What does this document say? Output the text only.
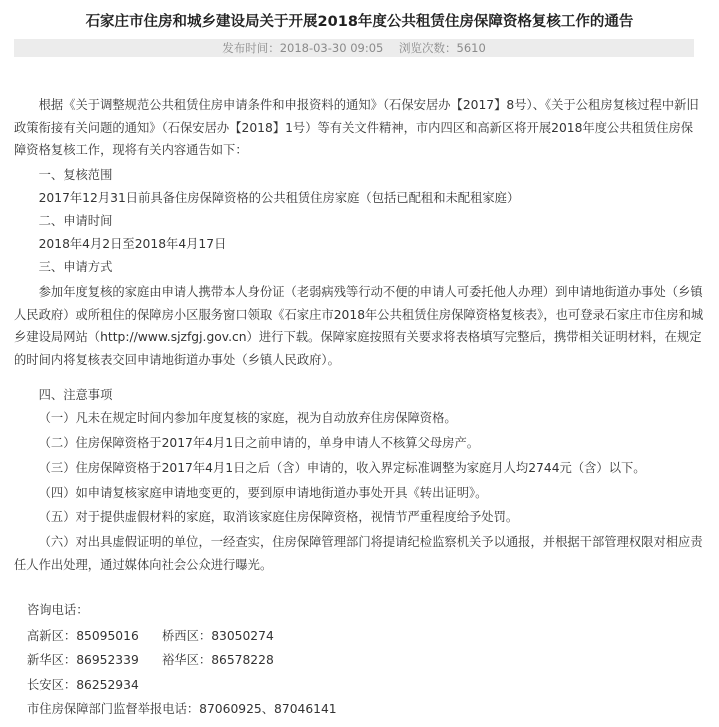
石家庄市住房和城乡建设局关于开展2018年度公共租赁住房保障资格复核工作的通告
发布时间：2018-03-30 09:05 浏览次数：5610
根据《关于调整规范公共租赁住房申请条件和申报资料的通知》（石保安居办【2017】8号）、《关于公租房复核过程中新旧政策衔接有关问题的通知》（石保安居办【2018】1号）等有关文件精神，市内四区和高新区将开展2018年度公共租赁住房保障资格复核工作，现将有关内容通告如下：
一、复核范围
2017年12月31日前具备住房保障资格的公共租赁住房家庭（包括已配租和未配租家庭）
二、申请时间
2018年4月2日至2018年4月17日
三、申请方式
参加年度复核的家庭由申请人携带本人身份证（老弱病残等行动不便的申请人可委托他人办理）到申请地街道办事处（乡镇人民政府）或所租住的保障房小区服务窗口领取《石家庄市2018年公共租赁住房保障资格复核表》，也可登录石家庄市住房和城乡建设局网站（http://www.sjzfgj.gov.cn）进行下载。保障家庭按照有关要求将表格填写完整后，携带相关证明材料，在规定的时间内将复核表交回申请地街道办事处（乡镇人民政府）。
四、注意事项
（一）凡未在规定时间内参加年度复核的家庭，视为自动放弃住房保障资格。
（二）住房保障资格于2017年4月1日之前申请的，单身申请人不核算父母房产。
（三）住房保障资格于2017年4月1日之后（含）申请的，收入界定标准调整为家庭月人均2744元（含）以下。
（四）如申请复核家庭申请地变更的，要到原申请地街道办事处开具《转出证明》。
（五）对于提供虚假材料的家庭，取消该家庭住房保障资格，视情节严重程度给予处罚。
（六）对出具虚假证明的单位，一经查实，住房保障管理部门将提请纪检监察机关予以通报，并根据干部管理权限对相应责任人作出处理，通过媒体向社会公众进行曝光。
咨询电话：
高新区：85095016 桥西区：83050274
新华区：86952339 裕华区：86578228
长安区：86252934
市住房保障部门监督举报电话：87060925、87046141
